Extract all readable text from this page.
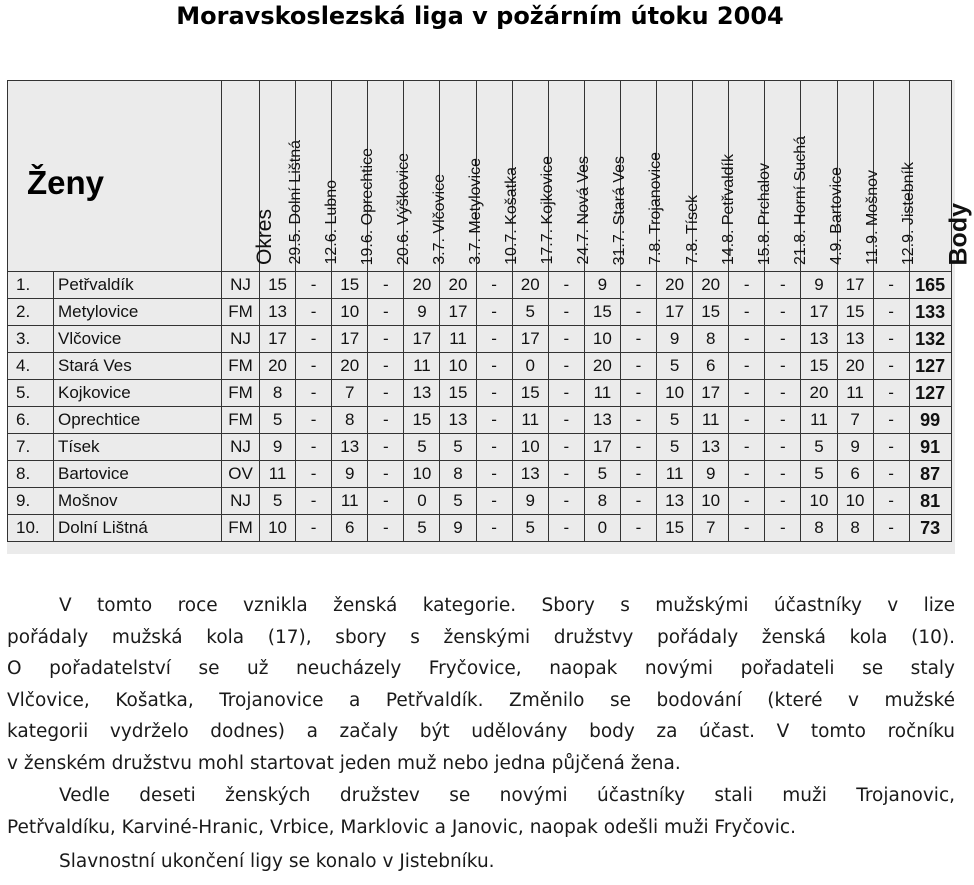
Moravskoslezská liga v požárním útoku 2004

		Okres	29.5. Dolní Lištná	12.6. Lubno	19.6. Oprechtice	20.6. Výškovice	3.7. Vlčovice	3.7. Metylovice	10.7. Košatka	17.7. Kojkovice	24.7. Nová Ves	31.7. Stará Ves	7.8. Trojanovice	7.8. Tísek	14.8. Petřvaldík	15.8. Prchalov	21.8. Horní Suchá	4.9. Bartovice	11.9. Mošnov	12.9. Jistebník	Body

1.	Petřvaldík	NJ	15	-	15	-	20	20	-	20	-	9	-	20	20	-	-	9	17	-	165
2.	Metylovice	FM	13	-	10	-	9	17	-	5	-	15	-	17	15	-	-	17	15	-	133
3.	Vlčovice	NJ	17	-	17	-	17	11	-	17	-	10	-	9	8	-	-	13	13	-	132
4.	Stará Ves	FM	20	-	20	-	11	10	-	0	-	20	-	5	6	-	-	15	20	-	127
5.	Kojkovice	FM	8	-	7	-	13	15	-	15	-	11	-	10	17	-	-	20	11	-	127
6.	Oprechtice	FM	5	-	8	-	15	13	-	11	-	13	-	5	11	-	-	11	7	-	99
7.	Tísek	NJ	9	-	13	-	5	5	-	10	-	17	-	5	13	-	-	5	9	-	91
8.	Bartovice	OV	11	-	9	-	10	8	-	13	-	5	-	11	9	-	-	5	6	-	87
9.	Mošnov	NJ	5	-	11	-	0	5	-	9	-	8	-	13	10	-	-	10	10	-	81
10.	Dolní Lištná	FM	10	-	6	-	5	9	-	5	-	0	-	15	7	-	-	8	8	-	73
Ženy
V tomto roce vznikla ženská kategorie. Sbory s mužskými účastníky v lize
pořádaly mužská kola (17), sbory s ženskými družstvy pořádaly ženská kola (10).
O pořadatelství se už neucházely Fryčovice, naopak novými pořadateli se staly
Vlčovice, Košatka, Trojanovice a Petřvaldík. Změnilo se bodování (které v mužské
kategorii vydrželo dodnes) a začaly být udělovány body za účast. V tomto ročníku
v ženském družstvu mohl startovat jeden muž nebo jedna půjčená žena.
Vedle deseti ženských družstev se novými účastníky stali muži Trojanovic,
Petřvaldíku, Karviné-Hranic, Vrbice, Marklovic a Janovic, naopak odešli muži Fryčovic.
Slavnostní ukončení ligy se konalo v Jistebníku.
